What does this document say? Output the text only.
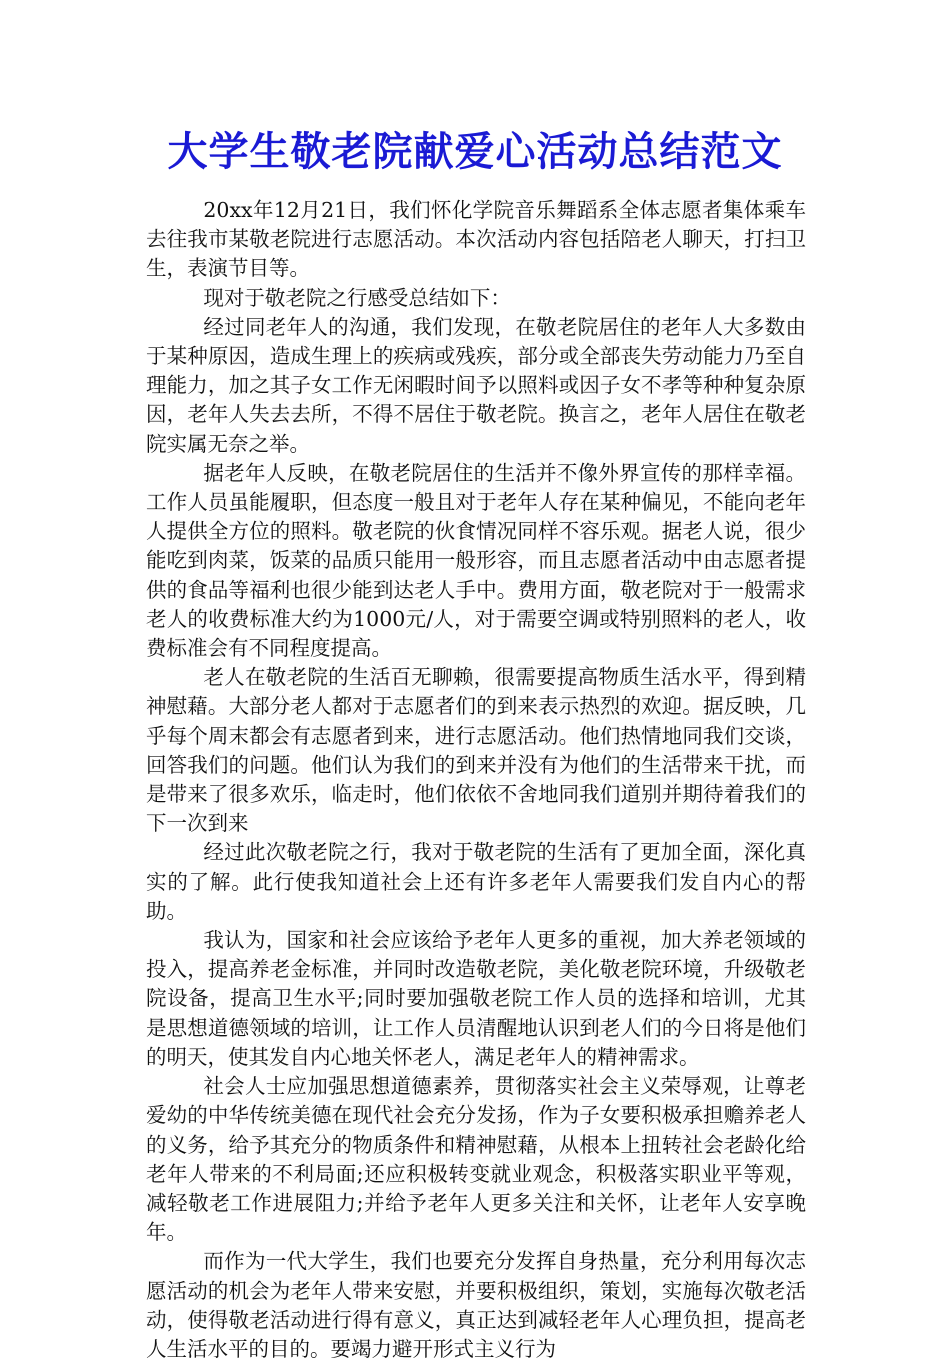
大学生敬老院献爱心活动总结范文

20xx年12月21日，我们怀化学院音乐舞蹈系全体志愿者集体乘车去往我市某敬老院进行志愿活动。本次活动内容包括陪老人聊天，打扫卫生，表演节目等。

现对于敬老院之行感受总结如下：

经过同老年人的沟通，我们发现，在敬老院居住的老年人大多数由于某种原因，造成生理上的疾病或残疾，部分或全部丧失劳动能力乃至自理能力，加之其子女工作无闲暇时间予以照料或因子女不孝等种种复杂原因，老年人失去去所，不得不居住于敬老院。换言之，老年人居住在敬老院实属无奈之举。

据老年人反映，在敬老院居住的生活并不像外界宣传的那样幸福。工作人员虽能履职，但态度一般且对于老年人存在某种偏见，不能向老年人提供全方位的照料。敬老院的伙食情况同样不容乐观。据老人说，很少能吃到肉菜，饭菜的品质只能用一般形容，而且志愿者活动中由志愿者提供的食品等福利也很少能到达老人手中。费用方面，敬老院对于一般需求老人的收费标准大约为1000元/人，对于需要空调或特别照料的老人，收费标准会有不同程度提高。

老人在敬老院的生活百无聊赖，很需要提高物质生活水平，得到精神慰藉。大部分老人都对于志愿者们的到来表示热烈的欢迎。据反映，几乎每个周末都会有志愿者到来，进行志愿活动。他们热情地同我们交谈，回答我们的问题。他们认为我们的到来并没有为他们的生活带来干扰，而是带来了很多欢乐，临走时，他们依依不舍地同我们道别并期待着我们的下一次到来

经过此次敬老院之行，我对于敬老院的生活有了更加全面，深化真实的了解。此行使我知道社会上还有许多老年人需要我们发自内心的帮助。

我认为，国家和社会应该给予老年人更多的重视，加大养老领域的投入，提高养老金标准，并同时改造敬老院，美化敬老院环境，升级敬老院设备，提高卫生水平;同时要加强敬老院工作人员的选择和培训，尤其是思想道德领域的培训，让工作人员清醒地认识到老人们的今日将是他们的明天，使其发自内心地关怀老人，满足老年人的精神需求。

社会人士应加强思想道德素养，贯彻落实社会主义荣辱观，让尊老爱幼的中华传统美德在现代社会充分发扬，作为子女要积极承担赡养老人的义务，给予其充分的物质条件和精神慰藉，从根本上扭转社会老龄化给老年人带来的不利局面;还应积极转变就业观念，积极落实职业平等观，减轻敬老工作进展阻力;并给予老年人更多关注和关怀，让老年人安享晚年。

而作为一代大学生，我们也要充分发挥自身热量，充分利用每次志愿活动的机会为老年人带来安慰，并要积极组织，策划，实施每次敬老活动，使得敬老活动进行得有意义，真正达到减轻老年人心理负担，提高老人生活水平的目的。要竭力避开形式主义行为
